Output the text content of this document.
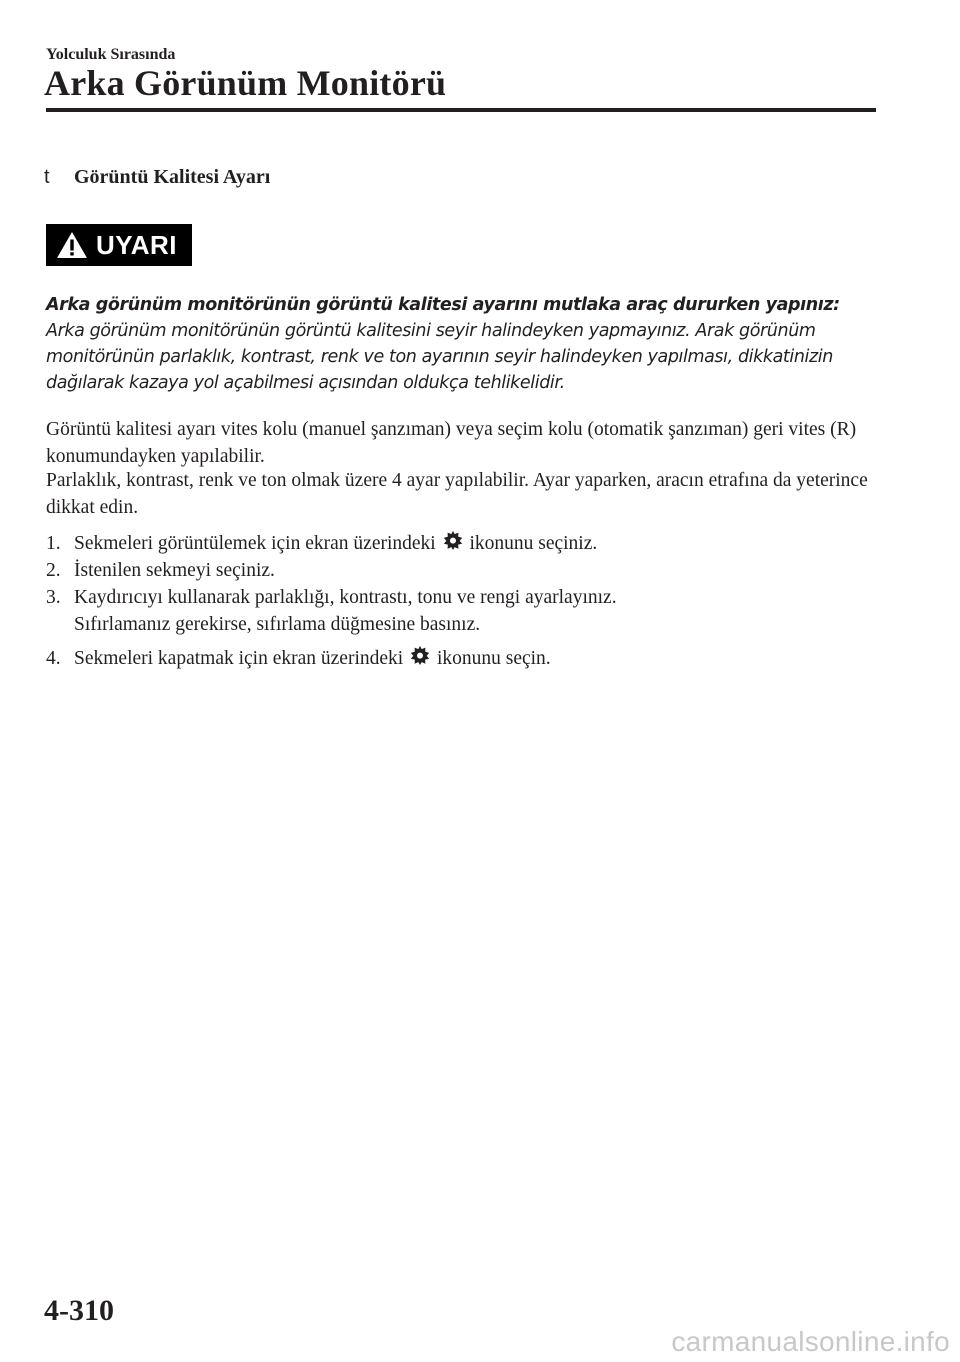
Yolculuk Sırasında
Arka Görünüm Monitörü
t Görüntü Kalitesi Ayarı
UYARI
Arka görünüm monitörünün görüntü kalitesi ayarını mutlaka araç dururken yapınız:
Arka görünüm monitörünün görüntü kalitesini seyir halindeyken yapmayınız. Arak görünüm monitörünün parlaklık, kontrast, renk ve ton ayarının seyir halindeyken yapılması, dikkatinizin dağılarak kazaya yol açabilmesi açısından oldukça tehlikelidir.
Görüntü kalitesi ayarı vites kolu (manuel şanzıman) veya seçim kolu (otomatik şanzıman) geri vites (R) konumundayken yapılabilir.
Parlaklık, kontrast, renk ve ton olmak üzere 4 ayar yapılabilir. Ayar yaparken, aracın etrafına da yeterince dikkat edin.
1. Sekmeleri görüntülemek için ekran üzerindeki ikonunu seçiniz.
2. İstenilen sekmeyi seçiniz.
3. Kaydırıcıyı kullanarak parlaklığı, kontrastı, tonu ve rengi ayarlayınız.
Sıfırlamanız gerekirse, sıfırlama düğmesine basınız.
4. Sekmeleri kapatmak için ekran üzerindeki ikonunu seçin.
4-310
carmanualsonline.info
